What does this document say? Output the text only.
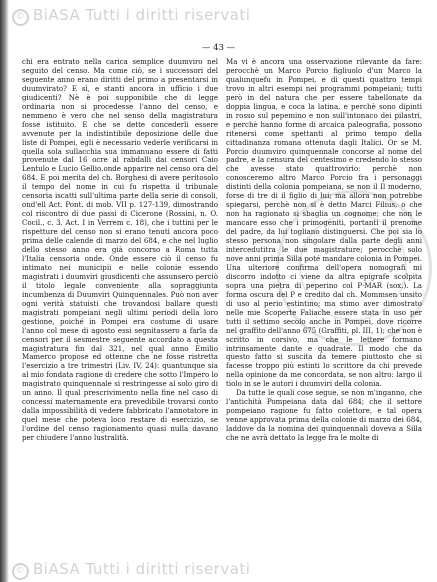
© BiASA Tutti i diritti riservati
— 43 —

chi era entrato nella carica semplice duumviro nel seguito del censo. Ma come ciò, se i successori del seguente anno erano diritti del primo a presentarsi in duumvirato? E sì, e stanti ancora in ufficio i due giudicenti? Nè è poi supponibile che di legge ordinaria non si procedesse l'anno del censo, e nemmeno è vero che nel senso della magistratura fosse istituito. E che se dette concederli essere avvenute per la indistintibile deposizione delle due liste di Pompei, egli è necessario vederle verificarsi in quella sola sullacchia sua immanuano essere di fatti provenute dal 16 ocre al rabdalli dai censori Caio Lentulo e Lucio Gellio,onde apparire nel censo ora del 684. E poi merita del ch. Borghesi di avere peritosolo il tempo del nome in cui fu rispetta il tribunale censoria iscatti sull'ultima parte della serie di consoli, ond'ell Act. Pont. di mob. VII p. 127-139, dimostrando col riscontro di due passi di Cicerone (Rossini, n. O. Cocil., c. 3. Act. I in Verrem c. 18), che i tuttini per le rispetture del censo non si erano tenuti ancora poco prima delle calende di marzo del 684, e che nel luglio dello stesso anno era già concorso a Roma tutta l'Italia censoria onde. Onde essere ciò il censo fu intimato nei municipii e nelle colonie essendo magistrati i duumviri giusdicenti che assunsero perciò il titolo legale conveniente alla sopraggiunta incumbenza di Duumviri Quinquennales. Può non aver ogni verità statuisti che trovandosi ballare questi magistrati pompeiani negli ultimi periodi della loro gestione, poiché in Pompei era costume di usare l'anno col mese di agosto essi segnitassero a farla da censori per il sesmestre seguente accordato a questa magistratura fin dal 321, nel qual anno Emilio Mamerco propose ed ottenne che ne fosse ristretta l'esercizio a tre trimestri (Liv. IV, 24): quantunque sia al mio fondata ragione di credere che sotto l'Impero lo magistrato quinquennale si restringesse al solo giro di un anno. Il qual prescrivimento nella fine nel caso di concessi maternamente era prevedibile trovarsi conto dalla impossibilità di vedere fabbricato l'annotatore in quel mese che poteva loco restare di esercizio, se l'ordine del censo ragionamento quasi nulla davano per chiudere l'anno lustralità.

Ma vi è ancora una osservazione rilevante da fare: perocchè un Marco Porcio figliuolo d'un Marco la qualunquefu in Pompei, e di questi quattro tempi trovo in altri esempi nei programmi pompeiani; tutti però in del natura che per essere tabellonate da doppia lingua, e coca la latina, e perchè sono dipinti in rosso sul pepemino e non sull'intonaco dei pilastri, e perchè hanno forme di arcaica paleografia, possono ritenersi come spettanti al primo tempo della cittadinanza romana ottenuta dagli Italici. Or se M. Porcio duumviro quinquennale concorse al nome del padre, e la censura del centesimo e credendo lo stesso che avesse stato quattrovirio: perchè non conosceremo altro Marco Porcio fra i personaggi distinti della colonia pompeiana, se non il Il moderno, forse di tre di il figlio di lui; ma allora non potrebbe spiegarsi, perchè non si è detto Marci Filius, o che non ha ragionato si sbaglia un cognome; che non le mancare esso che i primogeniti, portanti il prenome del padre, da lui togliano distinguersi. Che poi sia lo stesso persona non singolare dalla parte degli anni intercedutitra le due magistrature; perocchè solo nove anni prima Silla poté mandare colonia in Pompei. Una ulteriore confirma dell'opera nomografi mi discorro indotto ci viene da altra epigrafe scolpita sopra una pietra di peperino col P·MAR (sox.). La forma oscura del P e credito dal ch. Mommsen unsito di uso al perio estintino; ma stimo aver dimostrato nelle mie Scoperte Faliache essere stata in uso per tutti il settimo secolo anche in Pompei, dove ricorre nel graffito dell'anno 675 (Graffiti, pl. III, 1); che non è scritto in corsivo, ma che le lettere formano intrinsamente dante e quadrate. Il modo che da questo fatto si suscita da temere piuttosto che si facesse troppo più estinti lo scrittore da chi prevede nella opinione da me concordata, se non altro: largo il tiolo in se le autori i duumviri della colonia.

Da tutte le quali cose segue, se non m'inganno, che l'antichità Pompeiana data dal 684; che il settore pompeiano ragione fu fatto colettore, e tal opera venne approvata prima della colonie di marzo dei 684, laddove da la nomina dei quinquennali doveva a Silla che ne avrà dettato la legge fra le molte di

© BiASA Tutti i diritti riservati
